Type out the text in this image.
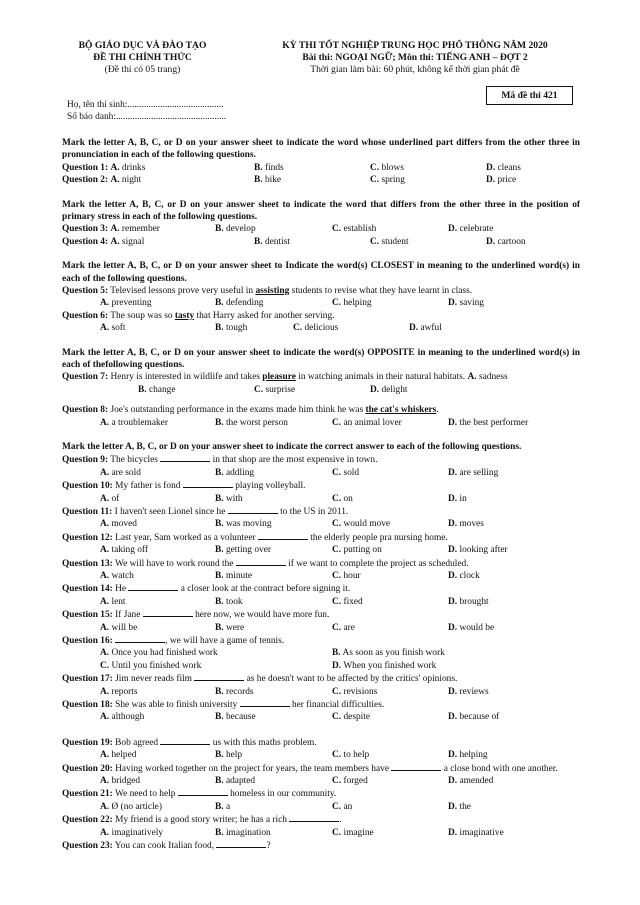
BỘ GIÁO DỤC VÀ ĐÀO TẠO
ĐỀ THI CHÍNH THỨC
(Đề thi có 05 trang)
KỲ THI TỐT NGHIỆP TRUNG HỌC PHỔ THÔNG NĂM 2020
Bài thi: NGOẠI NGỮ; Môn thi: TIẾNG ANH – ĐỢT 2
Thời gian làm bài: 60 phút, không kể thời gian phát đề
Mã đề thi 421
Họ, tên thí sinh:.........................................
Số báo danh:...............................................

Mark the letter A, B, C, or D on your answer sheet to indicate the word whose underlined part differs from the other three in pronunciation in each of the following questions.

Question 1: A. drinks	B. finds	C. blows	D. cleans
Question 2: A. night	B. bike	C. spring	D. price

Mark the letter A, B, C, or D on your answer sheet to indicate the word that differs from the other three in the position of primary stress in each of the following questions.

Question 3: A. remember	B. develop	C. establish	D. celebrate
Question 4: A. signal	B. dentist	C. student	D. cartoon

Mark the letter A, B, C, or D on your answer sheet to Indicate the word(s) CLOSEST in meaning to the underlined word(s) in each of the following questions.

Question 5: Televised lessons prove very useful in assisting students to revise what they have learnt in class.

A. preventing	B. defending	C. helping	D. saving

Question 6: The soup was so tasty that Harry asked for another serving.

A. soft	B. tough	C. delicious	D. awful

Mark the letter A, B, C, or D on your answer sheet to indicate the word(s) OPPOSITE in meaning to the underlined word(s) in each of thefollowing questions.

Question 7: Henry is interested in wildlife and takes pleasure in watching animals in their natural habitats. A. sadness

B. change	C. surprise	D. delight

Question 8: Joe's outstanding performance in the exams made him think he was the cat's whiskers.

A. a troublemaker	B. the worst person	C. an animal lover	D. the best performer

Mark the letter A, B, C, or D on your answer sheet to indicate the correct answer to each of the following questions.

Question 9: The bicycles	in that shop are the most expensive in town.

A. are sold	B. addling	C. sold	D. are selling

Question 10: My father is fond	playing volleyball.

A. of	B. with	C. on	D. in

Question 11: I haven't seen Lionel since he	to the US in 2011.

A. moved	B. was moving	C. would move	D. moves

Question 12: Last year, Sam worked as a volunteer	the elderly people pra nursing home.

A. taking off	B. getting over	C. putting on	D. looking after

Question 13: We will have to work round the	if we want to complete the project as scheduled.

A. watch	B. minute	C. hour	D. clock

Question 14: He	a closer look at the contract before signing it.

A. lent	B. took	C. fixed	D. brought

Question 15: If Jane	here now, we would have more fun.

A. will be	B. were	C. are	D. would be

Question 16:	, we will have a game of tennis.

A. Once you had finished work	B. As soon as you finish work
C. Until you finished work	D. When you finished work

Question 17: Jim never reads film	as he doesn't want to be affected by the critics' opinions.

A. reports	B. records	C. revisions	D. reviews

Question 18: She was able to finish university	her financial difficulties.

A. although	B. because	C. despite	D. because of

Question 19: Bob agreed	us with this maths problem.

A. helped	B. help	C. to help	D. helping

Question 20: Having worked together on the project for years, the team members have	a close bond with one another.

A. bridged	B. adapted	C. forged	D. amended

Question 21: We need to help	homeless in our community.

A. Ø (no article)	B. a	C. an	D. the

Question 22: My friend is a good story writer; he has a rich	.

A. imaginatively	B. imagination	C. imagine	D. imaginative

Question 23: You can cook Italian food,	?
